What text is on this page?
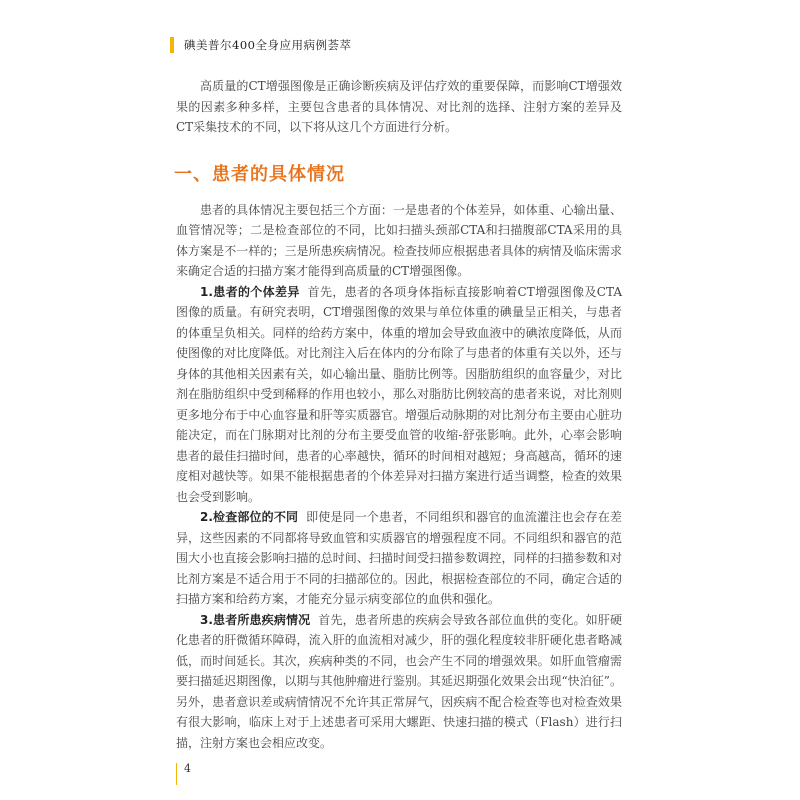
碘美普尔400全身应用病例荟萃

高质量的CT增强图像是正确诊断疾病及评估疗效的重要保障，而影响CT增强效果的因素多种多样，主要包含患者的具体情况、对比剂的选择、注射方案的差异及CT采集技术的不同，以下将从这几个方面进行分析。

一、患者的具体情况

患者的具体情况主要包括三个方面：一是患者的个体差异，如体重、心输出量、血管情况等；二是检查部位的不同，比如扫描头颈部CTA和扫描腹部CTA采用的具体方案是不一样的；三是所患疾病情况。检查技师应根据患者具体的病情及临床需求来确定合适的扫描方案才能得到高质量的CT增强图像。

1.患者的个体差异 首先，患者的各项身体指标直接影响着CT增强图像及CTA图像的质量。有研究表明，CT增强图像的效果与单位体重的碘量呈正相关，与患者的体重呈负相关。同样的给药方案中，体重的增加会导致血液中的碘浓度降低，从而使图像的对比度降低。对比剂注入后在体内的分布除了与患者的体重有关以外，还与身体的其他相关因素有关，如心输出量、脂肪比例等。因脂肪组织的血容量少，对比剂在脂肪组织中受到稀释的作用也较小，那么对脂肪比例较高的患者来说，对比剂则更多地分布于中心血容量和肝等实质器官。增强后动脉期的对比剂分布主要由心脏功能决定，而在门脉期对比剂的分布主要受血管的收缩-舒张影响。此外，心率会影响患者的最佳扫描时间，患者的心率越快，循环的时间相对越短；身高越高，循环的速度相对越快等。如果不能根据患者的个体差异对扫描方案进行适当调整，检查的效果也会受到影响。

2.检查部位的不同 即使是同一个患者，不同组织和器官的血流灌注也会存在差异，这些因素的不同都将导致血管和实质器官的增强程度不同。不同组织和器官的范围大小也直接会影响扫描的总时间、扫描时间受扫描参数调控，同样的扫描参数和对比剂方案是不适合用于不同的扫描部位的。因此，根据检查部位的不同，确定合适的扫描方案和给药方案，才能充分显示病变部位的血供和强化。

3.患者所患疾病情况 首先，患者所患的疾病会导致各部位血供的变化。如肝硬化患者的肝微循环障碍，流入肝的血流相对减少，肝的强化程度较非肝硬化患者略减低，而时间延长。其次，疾病种类的不同，也会产生不同的增强效果。如肝血管瘤需要扫描延迟期图像，以期与其他肿瘤进行鉴别。其延迟期强化效果会出现“快泊征”。另外，患者意识差或病情情况不允许其正常屏气，因疾病不配合检查等也对检查效果有很大影响，临床上对于上述患者可采用大螺距、快速扫描的模式（Flash）进行扫描，注射方案也会相应改变。

4
